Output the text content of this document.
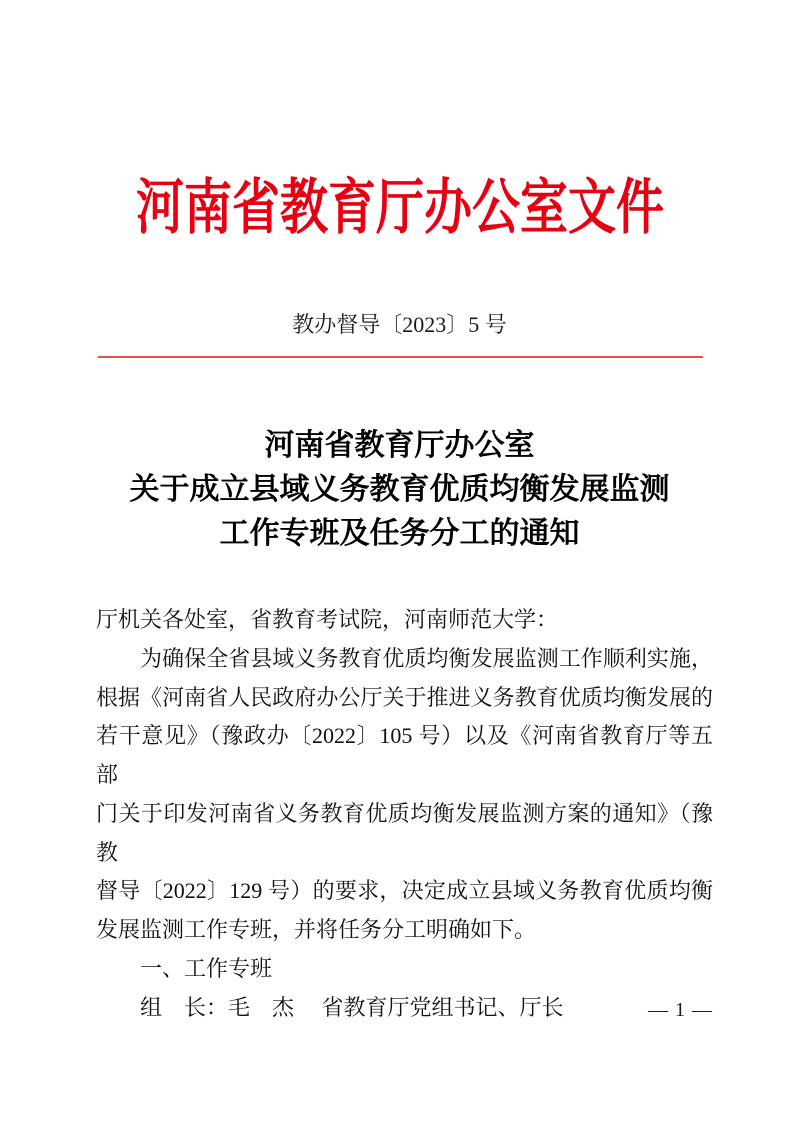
河南省教育厅办公室文件
教办督导〔2023〕5 号
河南省教育厅办公室
关于成立县域义务教育优质均衡发展监测
工作专班及任务分工的通知
厅机关各处室，省教育考试院，河南师范大学：
为确保全省县域义务教育优质均衡发展监测工作顺利实施，
根据《河南省人民政府办公厅关于推进义务教育优质均衡发展的
若干意见》（豫政办〔2022〕105 号）以及《河南省教育厅等五部
门关于印发河南省义务教育优质均衡发展监测方案的通知》（豫教
督导〔2022〕129 号）的要求，决定成立县域义务教育优质均衡
发展监测工作专班，并将任务分工明确如下。
一、工作专班
组　长：毛　杰　 省教育厅党组书记、厅长	— 1 —
